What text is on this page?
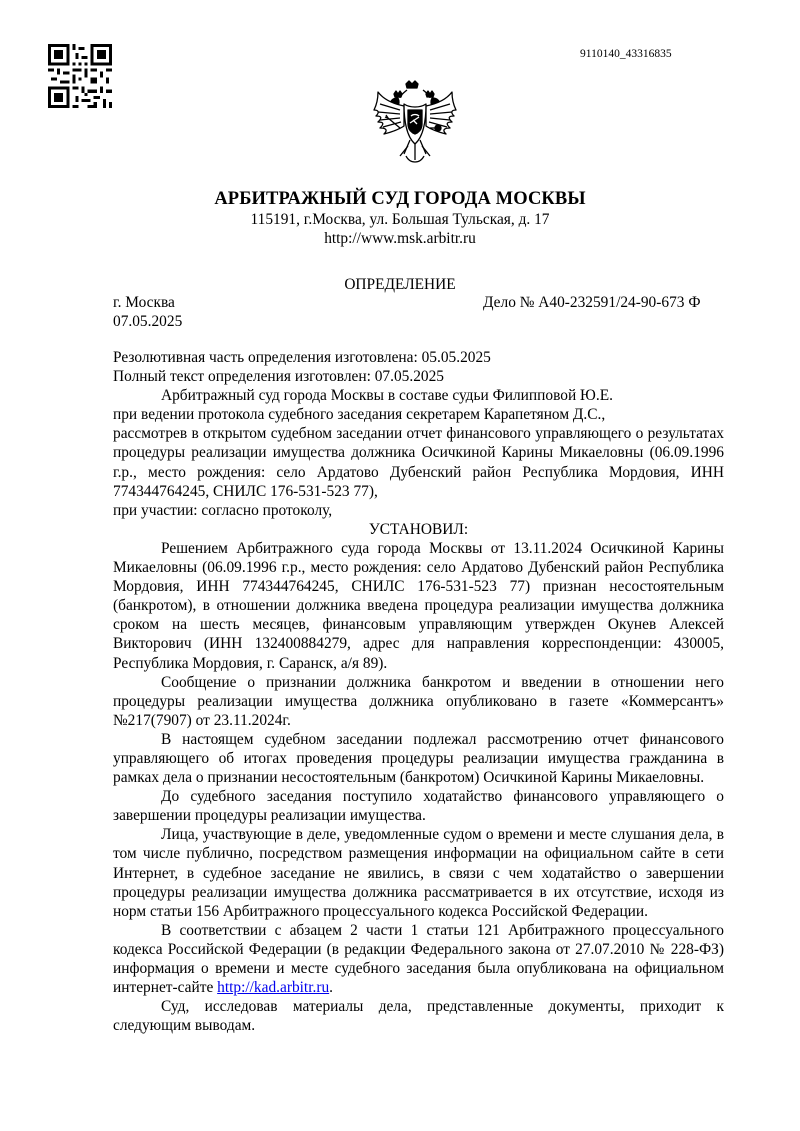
9110140_43316835
АРБИТРАЖНЫЙ СУД ГОРОДА МОСКВЫ
115191, г.Москва, ул. Большая Тульская, д. 17
http://www.msk.arbitr.ru
ОПРЕДЕЛЕНИЕ
г. Москва
07.05.2025
Дело № А40-232591/24-90-673 Ф

Резолютивная часть определения изготовлена: 05.05.2025

Полный текст определения изготовлен: 07.05.2025

Арбитражный суд города Москвы в составе судьи Филипповой Ю.Е.

при ведении протокола судебного заседания секретарем Карапетяном Д.С.,

рассмотрев в открытом судебном заседании отчет финансового управляющего о результатах процедуры реализации имущества должника Осичкиной Карины Микаеловны (06.09.1996 г.р., место рождения: село Ардатово Дубенский район Республика Мордовия, ИНН 774344764245, СНИЛС 176-531-523 77),

при участии: согласно протоколу,

УСТАНОВИЛ:

Решением Арбитражного суда города Москвы от 13.11.2024 Осичкиной Карины Микаеловны (06.09.1996 г.р., место рождения: село Ардатово Дубенский район Республика Мордовия, ИНН 774344764245, СНИЛС 176-531-523 77) признан несостоятельным (банкротом), в отношении должника введена процедура реализации имущества должника сроком на шесть месяцев, финансовым управляющим утвержден Окунев Алексей Викторович (ИНН 132400884279, адрес для направления корреспонденции: 430005, Республика Мордовия, г. Саранск, а/я 89).

Сообщение о признании должника банкротом и введении в отношении него процедуры реализации имущества должника опубликовано в газете «Коммерсантъ» №217(7907) от 23.11.2024г.

В настоящем судебном заседании подлежал рассмотрению отчет финансового управляющего об итогах проведения процедуры реализации имущества гражданина в рамках дела о признании несостоятельным (банкротом) Осичкиной Карины Микаеловны.

До судебного заседания поступило ходатайство финансового управляющего о завершении процедуры реализации имущества.

Лица, участвующие в деле, уведомленные судом о времени и месте слушания дела, в том числе публично, посредством размещения информации на официальном сайте в сети Интернет, в судебное заседание не явились, в связи с чем ходатайство о завершении процедуры реализации имущества должника рассматривается в их отсутствие, исходя из норм статьи 156 Арбитражного процессуального кодекса Российской Федерации.

В соответствии с абзацем 2 части 1 статьи 121 Арбитражного процессуального кодекса Российской Федерации (в редакции Федерального закона от 27.07.2010 № 228-ФЗ) информация о времени и месте судебного заседания была опубликована на официальном интернет-сайте http://kad.arbitr.ru.

Суд, исследовав материалы дела, представленные документы, приходит к следующим выводам.
